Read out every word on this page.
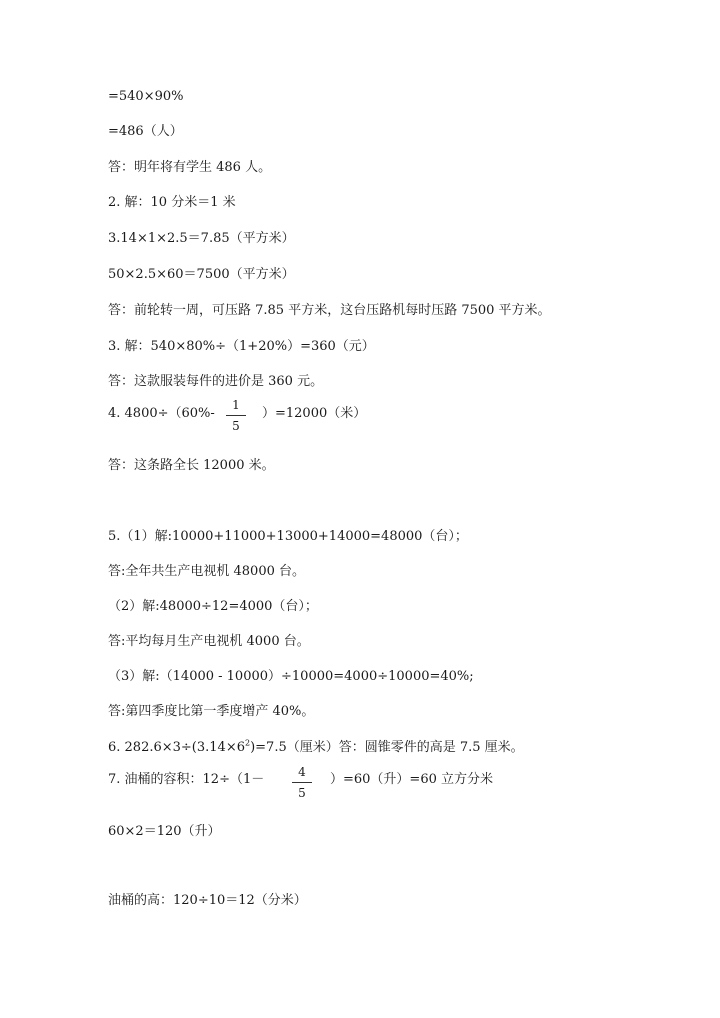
=540×90%
=486（人）
答：明年将有学生 486 人。
2. 解：10 分米＝1 米
3.14×1×2.5＝7.85（平方米）
50×2.5×60＝7500（平方米）
答：前轮转一周，可压路 7.85 平方米，这台压路机每时压路 7500 平方米。
3. 解：540×80%÷（1+20%）=360（元）
答：这款服装每件的进价是 360 元。
4. 4800÷（60%-
1
5
）=12000（米）
答：这条路全长 12000 米。
5.（1）解:10000+11000+13000+14000=48000（台）；
答:全年共生产电视机 48000 台。
（2）解:48000÷12=4000（台）；
答:平均每月生产电视机 4000 台。
（3）解:（14000 - 10000）÷10000=4000÷10000=40%;
答:第四季度比第一季度增产 40%。
6. $282.6\times 3\div(3.14\times 6^2)=7.5$（厘米）答：圆锥零件的高是 7.5 厘米。
7. 油桶的容积：12÷（1－	4
5
）=60（升）=60 立方分米
60×2＝120（升）
油桶的高：120÷10＝12（分米）
